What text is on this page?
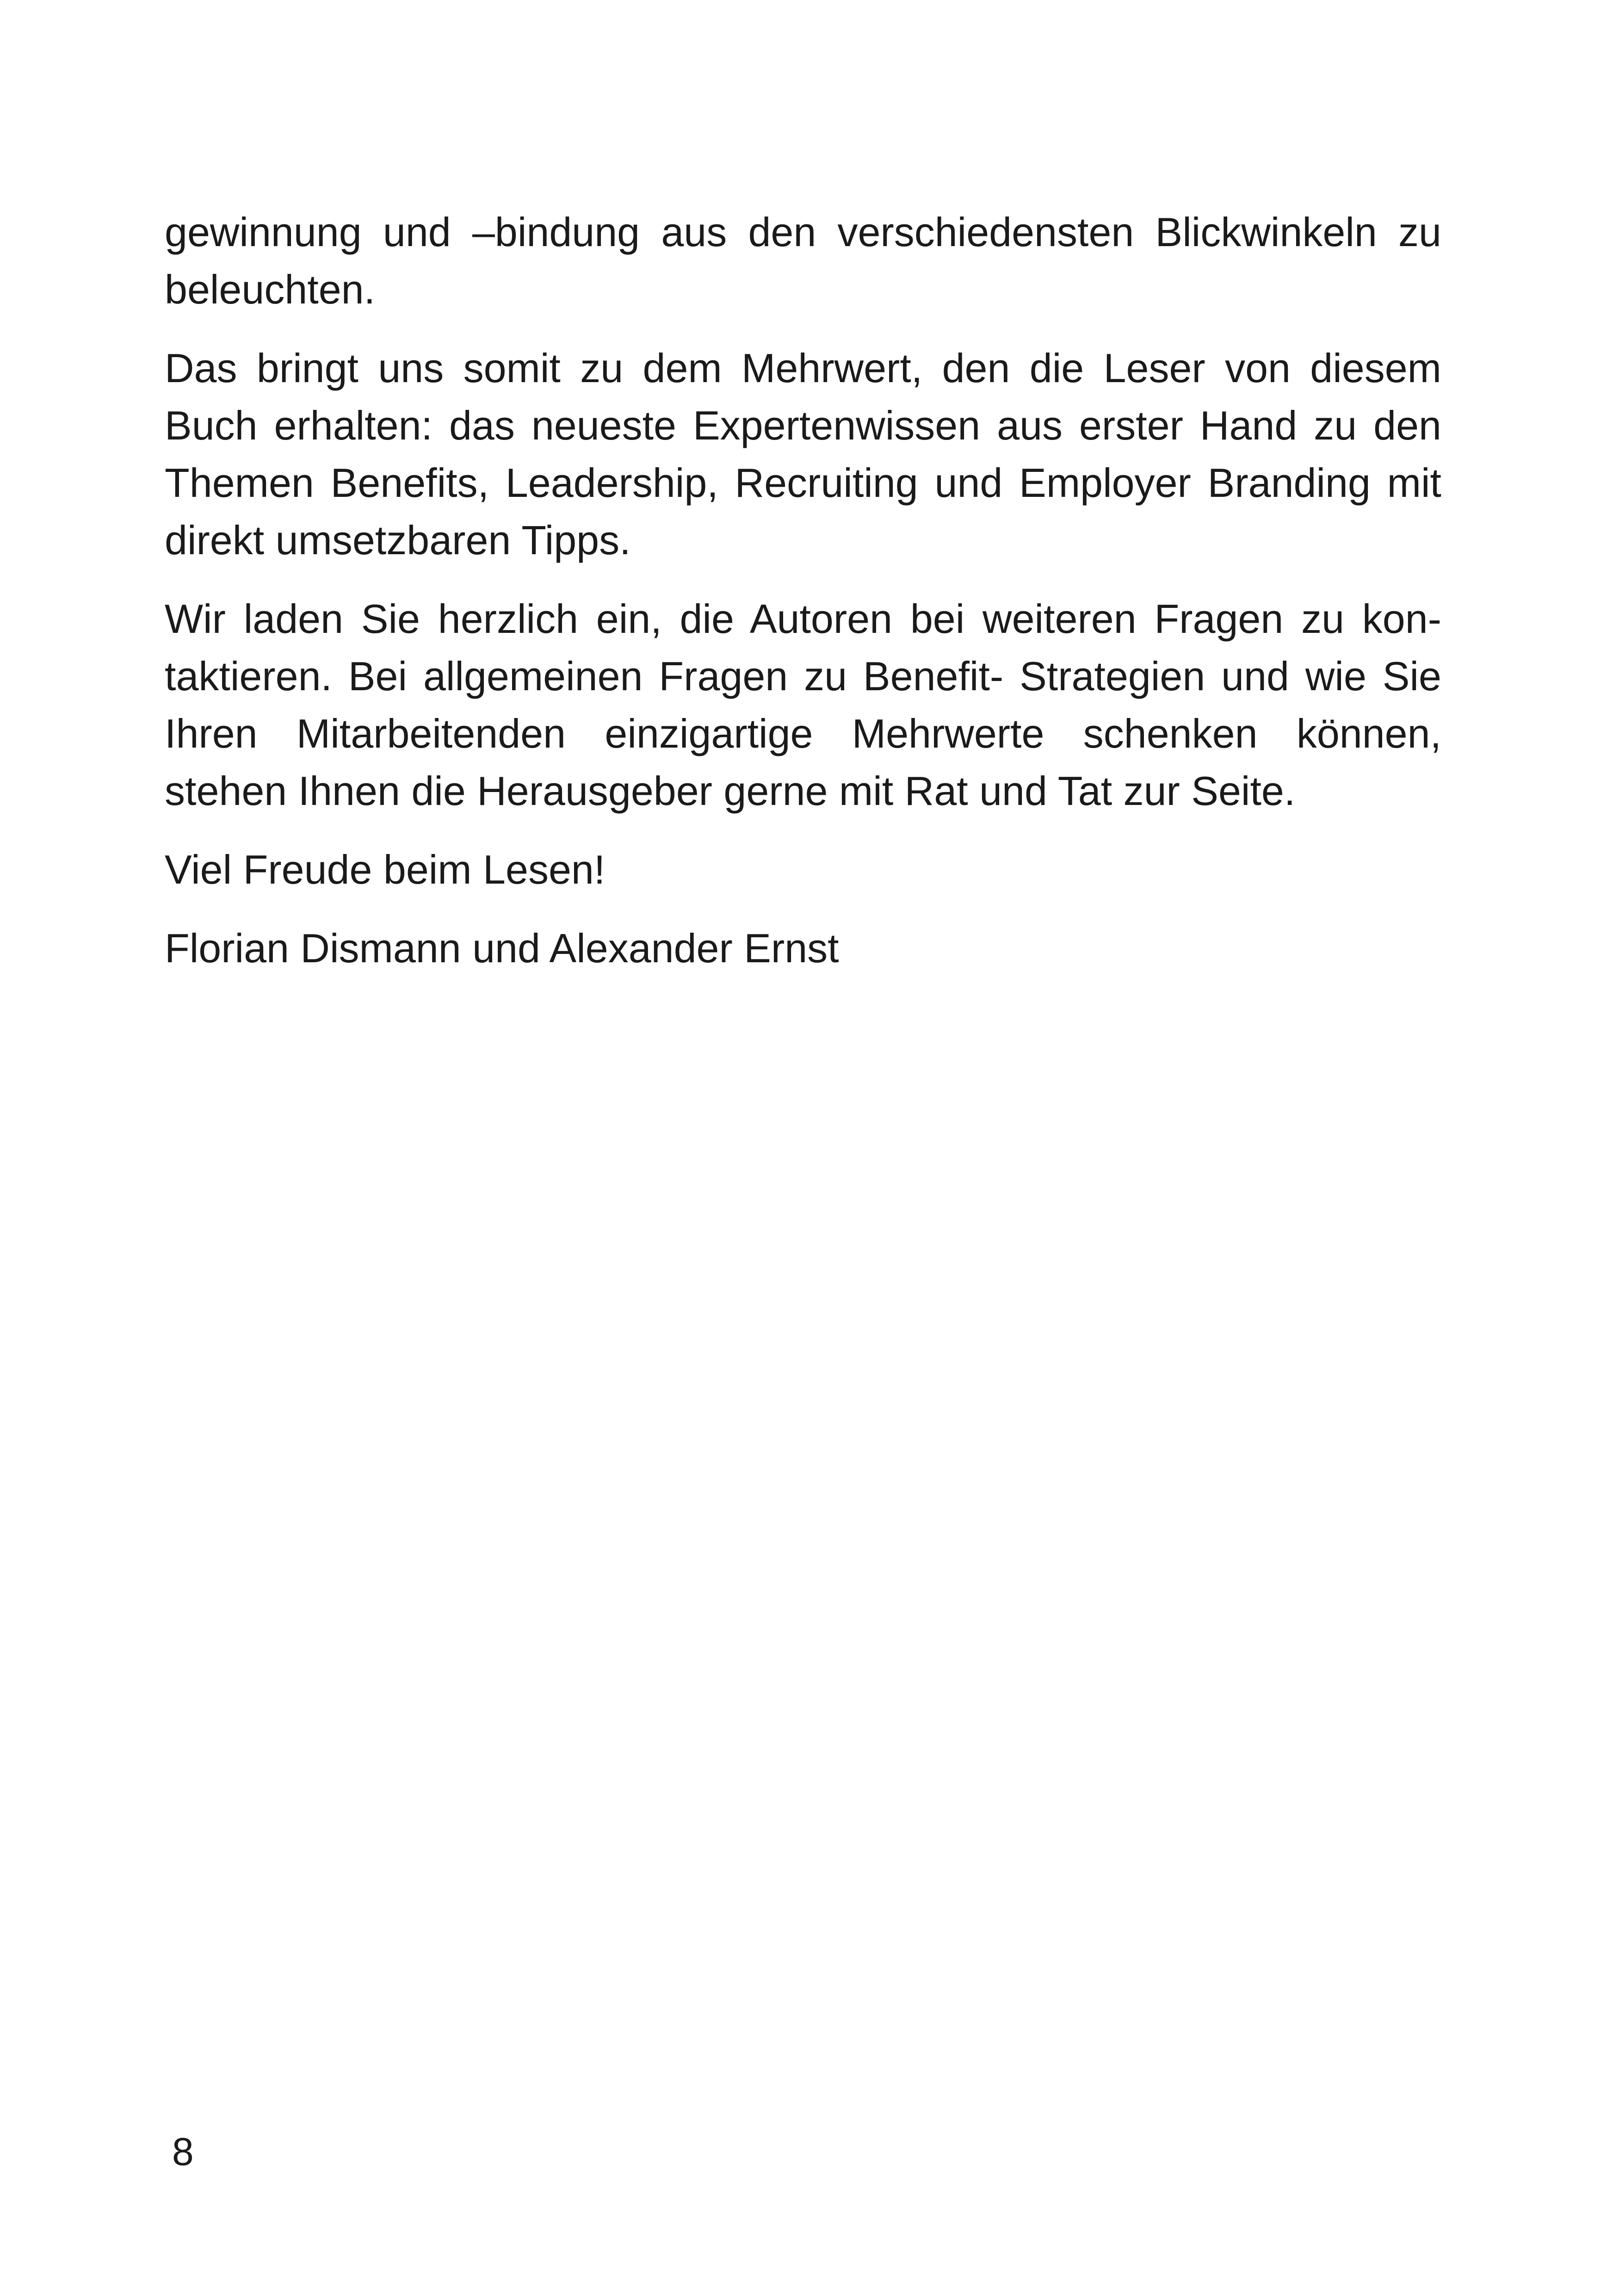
gewinnung und –bindung aus den verschiedensten Blickwinkeln zu
beleuchten.
Das bringt uns somit zu dem Mehrwert, den die Leser von diesem
Buch erhalten: das neueste Expertenwissen aus erster Hand zu den
Themen Benefits, Leadership, Recruiting und Employer Branding mit
direkt umsetzbaren Tipps.
Wir laden Sie herzlich ein, die Autoren bei weiteren Fragen zu kon-
taktieren. Bei allgemeinen Fragen zu Benefit- Strategien und wie Sie
Ihren Mitarbeitenden einzigartige Mehrwerte schenken können,
stehen Ihnen die Herausgeber gerne mit Rat und Tat zur Seite.
Viel Freude beim Lesen!
Florian Dismann und Alexander Ernst
8
